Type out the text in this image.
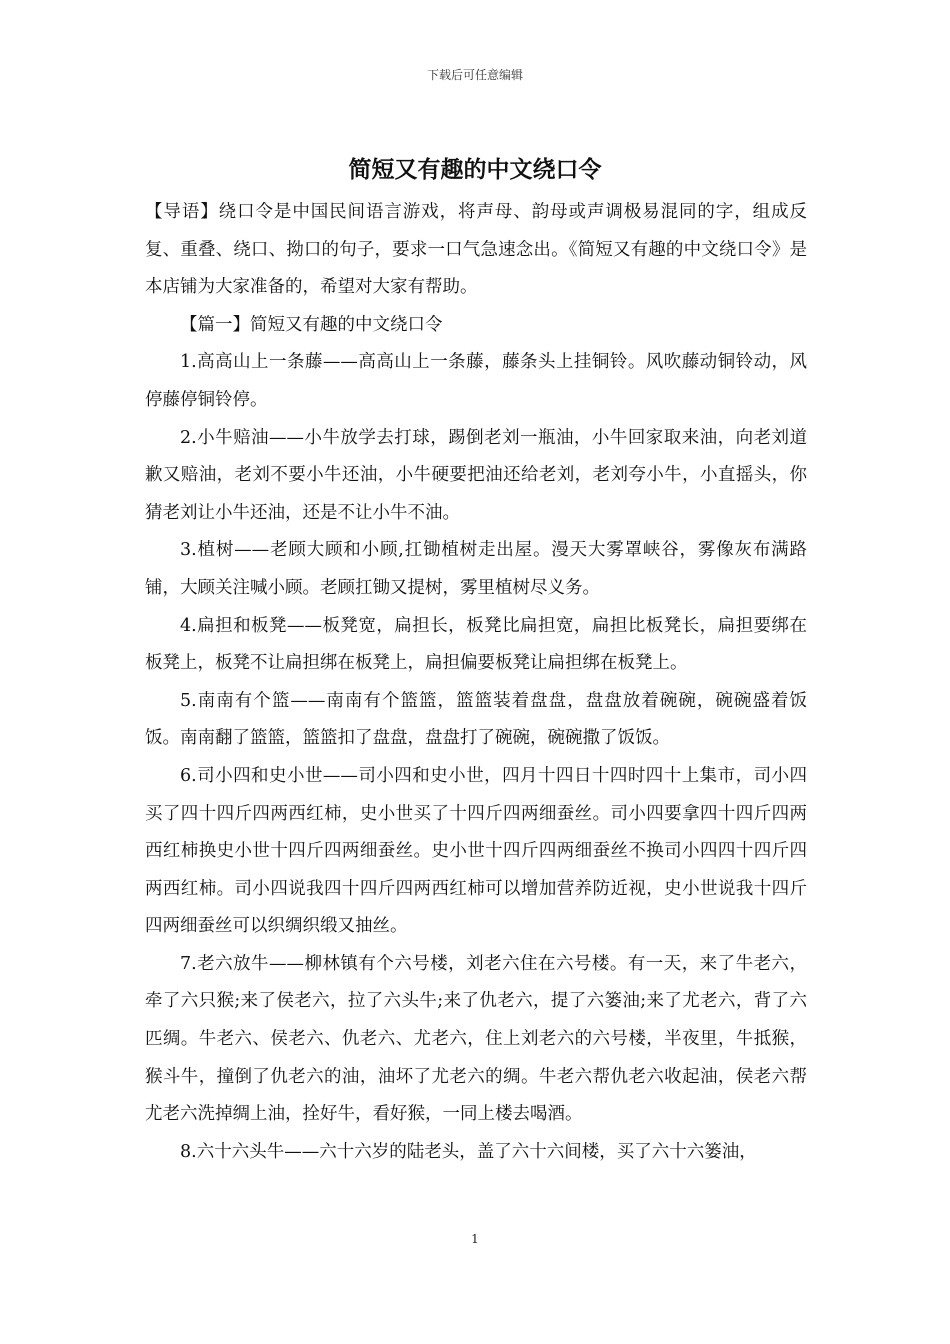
下载后可任意编辑
简短又有趣的中文绕口令

【导语】绕口令是中国民间语言游戏，将声母、韵母或声调极易混同的字，组成反复、重叠、绕口、拗口的句子，要求一口气急速念出。《简短又有趣的中文绕口令》是本店铺为大家准备的，希望对大家有帮助。

【篇一】简短又有趣的中文绕口令

1.高高山上一条藤——高高山上一条藤，藤条头上挂铜铃。风吹藤动铜铃动，风停藤停铜铃停。

2.小牛赔油——小牛放学去打球，踢倒老刘一瓶油，小牛回家取来油，向老刘道歉又赔油，老刘不要小牛还油，小牛硬要把油还给老刘，老刘夸小牛，小直摇头，你猜老刘让小牛还油，还是不让小牛不油。

3.植树——老顾大顾和小顾,扛锄植树走出屋。漫天大雾罩峡谷，雾像灰布满路铺，大顾关注喊小顾。老顾扛锄又提树，雾里植树尽义务。

4.扁担和板凳——板凳宽，扁担长，板凳比扁担宽，扁担比板凳长，扁担要绑在板凳上，板凳不让扁担绑在板凳上，扁担偏要板凳让扁担绑在板凳上。

5.南南有个篮——南南有个篮篮，篮篮装着盘盘，盘盘放着碗碗，碗碗盛着饭饭。南南翻了篮篮，篮篮扣了盘盘，盘盘打了碗碗，碗碗撒了饭饭。

6.司小四和史小世——司小四和史小世，四月十四日十四时四十上集市，司小四买了四十四斤四两西红柿，史小世买了十四斤四两细蚕丝。司小四要拿四十四斤四两西红柿换史小世十四斤四两细蚕丝。史小世十四斤四两细蚕丝不换司小四四十四斤四两西红柿。司小四说我四十四斤四两西红柿可以增加营养防近视，史小世说我十四斤四两细蚕丝可以织绸织缎又抽丝。

7.老六放牛——柳林镇有个六号楼，刘老六住在六号楼。有一天，来了牛老六，牵了六只猴;来了侯老六，拉了六头牛;来了仇老六，提了六篓油;来了尤老六，背了六匹绸。牛老六、侯老六、仇老六、尤老六，住上刘老六的六号楼，半夜里，牛抵猴，猴斗牛，撞倒了仇老六的油，油坏了尤老六的绸。牛老六帮仇老六收起油，侯老六帮尤老六洗掉绸上油，拴好牛，看好猴，一同上楼去喝酒。

8.六十六头牛——六十六岁的陆老头，盖了六十六间楼，买了六十六篓油，

1
